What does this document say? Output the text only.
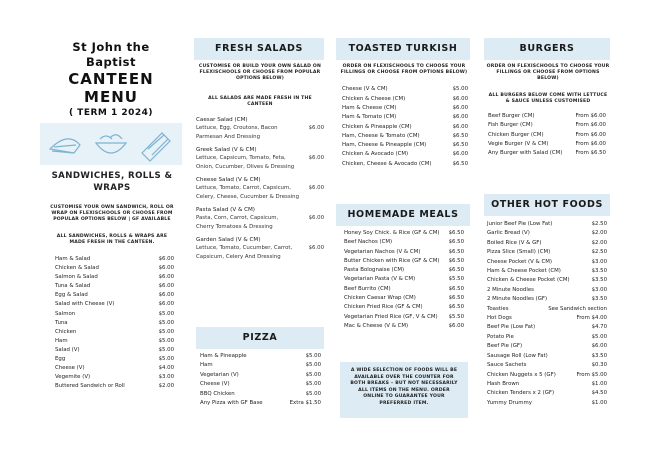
St John the Baptist
CANTEEN MENU
( TERM 1 2024)
SANDWICHES, ROLLS & WRAPS
CUSTOMISE YOUR OWN SANDWICH, ROLL OR WRAP ON FLEXISCHOOLS OR CHOOSE FROM POPULAR OPTIONS BELOW | GF AVAILABLE
ALL SANDWICHES, ROLLS & WRAPS ARE MADE FRESH IN THE CANTEEN.
Ham & Salad	$6.00
Chicken & Salad	$6.00
Salmon & Salad	$6.00
Tuna & Salad	$6.00
Egg & Salad	$6.00
Salad with Cheese (V)	$6.00
Salmon	$5.00
Tuna	$5.00
Chicken	$5.00
Ham	$5.00
Salad (V)	$5.00
Egg	$5.00
Cheese (V)	$4.00
Vegemite (V)	$3.00
Buttered Sandwich or Roll	$2.00
FRESH SALADS
CUSTOMISE OR BUILD YOUR OWN SALAD ON FLEXISCHOOLS OR CHOOSE FROM POPULAR OPTIONS BELOW)
ALL SALADS ARE MADE FRESH IN THE CANTEEN
Caesar Salad (CM)
Lettuce, Egg, Croutons, Bacon	$6.00
Parmesan And Dressing
Greek Salad (V & CM)
Lettuce, Capsicum, Tomato, Feta,	$6.00
Onion, Cucumber, Olives & Dressing
Cheese Salad (V & CM)
Lettuce, Tomato, Carrot, Capsicum,	$6.00
Celery, Cheese, Cucumber & Dressing
Pasta Salad (V & CM)
Pasta, Corn, Carrot, Capsicum,	$6.00
Cherry Tomatoes & Dressing
Garden Salad (V & CM)
Lettuce, Tomato, Cucumber, Carrot,	$6.00
Capsicum, Celery And Dressing
PIZZA
Ham & Pineapple	$5.00
Ham	$5.00
Vegetarian (V)	$5.00
Cheese (V)	$5.00
BBQ Chicken	$5.00
Any Pizza with GF Base	Extra $1.50
TOASTED TURKISH
ORDER ON FLEXISCHOOLS TO CHOOSE YOUR FILLINGS OR CHOOSE FROM OPTIONS BELOW)
Cheese (V & CM)	$5.00
Chicken & Cheese (CM)	$6.00
Ham & Cheese (CM)	$6.00
Ham & Tomato (CM)	$6.00
Chicken & Pineapple (CM)	$6.00
Ham, Cheese & Tomato (CM)	$6.50
Ham, Cheese & Pineapple (CM)	$6.50
Chicken & Avocado (CM)	$6.00
Chicken, Cheese & Avocado (CM)	$6.50
HOMEMADE MEALS
Honey Soy Chick. & Rice (GF & CM) $6.50
Beef Nachos (CM)	$6.50
Vegetarian Nachos (V & CM)	$6.50
Butter Chicken with Rice (GF & CM) $6.50
Pasta Bolognaise (CM)	$6.50
Vegetarian Pasta (V & CM)	$5.50
Beef Burrito (CM)	$6.50
Chicken Caesar Wrap (CM)	$6.50
Chicken Fried Rice (GF & CM)	$6.50
Vegetarian Fried Rice (GF, V & CM) $5.50
Mac & Cheese (V & CM)	$6.00
A WIDE SELECTION OF FOODS WILL BE AVAILABLE OVER THE COUNTER FOR BOTH BREAKS – BUT NOT NECESSARILY ALL ITEMS ON THE MENU. ORDER ONLINE TO GUARANTEE YOUR PREFERRED ITEM.
BURGERS
ORDER ON FLEXISCHOOLS TO CHOOSE YOUR FILLINGS OR CHOOSE FROM OPTIONS BELOW)
ALL BURGERS BELOW COME WITH LETTUCE & SAUCE UNLESS CUSTOMISED
Beef Burger (CM)	From $6.00
Fish Burger (CM)	From $6.00
Chicken Burger (CM)	From $6.00
Vegie Burger (V & CM)	From $6.00
Any Burger with Salad (CM) From $6.50
OTHER HOT FOODS
Junior Beef Pie (Low Fat)	$2.50
Garlic Bread (V)	$2.00
Boiled Rice (V & GF)	$2.00
Pizza Slice (Small) (CM)	$2.50
Cheese Pocket (V & CM)	$3.00
Ham & Cheese Pocket (CM)	$3.50
Chicken & Cheese Pocket (CM)	$3.50
2 Minute Noodles	$3.00
2 Minute Noodles (GF)	$3.50
Toasties	See Sandwich section
Hot Dogs	From $4.00
Beef Pie (Low Fat)	$4.70
Potato Pie	$5.00
Beef Pie (GF)	$6.00
Sausage Roll (Low Fat)	$3.50
Sauce Sachets	$0.30
Chicken Nuggets x 5 (GF)	From $5.00
Hash Brown	$1.00
Chicken Tenders x 2 (GF)	$4.50
Yummy Drummy	$1.00
